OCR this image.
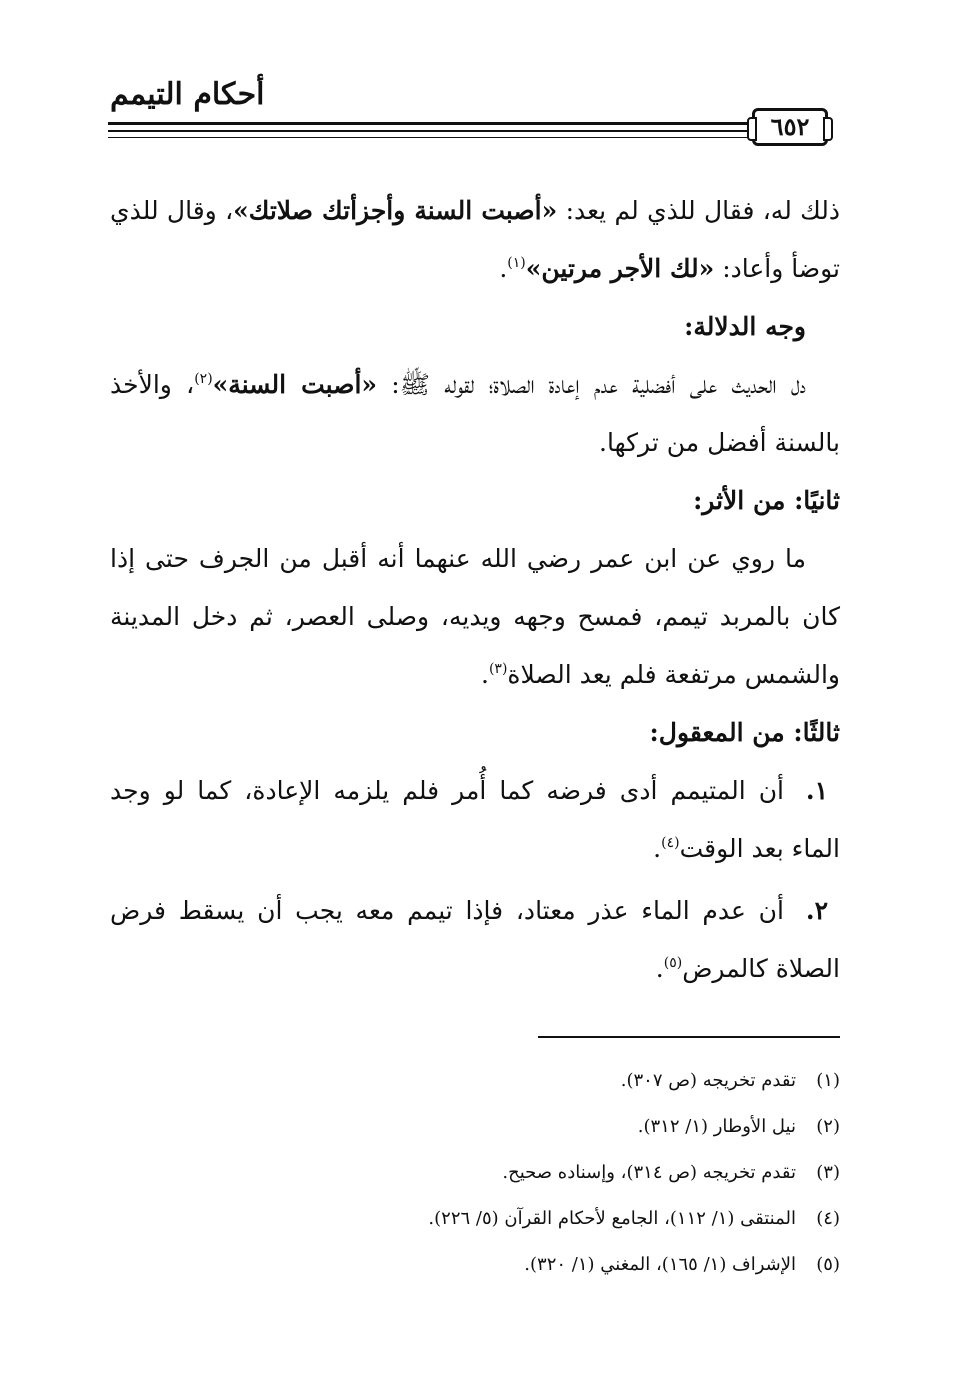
أحكام التيمم
٦٥٢

ذلك له، فقال للذي لم يعد: «أصبت السنة وأجزأتك صلاتك»، وقال للذي توضأ وأعاد: «لك الأجر مرتين»$^{(١)}$.

وجه الدلالة:

دل الحديث على أفضلية عدم إعادة الصلاة؛ لقوله ﷺ: «أصبت السنة»$^{(٢)}$، والأخذ بالسنة أفضل من تركها.

ثانيًا: من الأثر:

ما روي عن ابن عمر رضي الله عنهما أنه أقبل من الجرف حتى إذا كان بالمربد تيمم، فمسح وجهه ويديه، وصلى العصر، ثم دخل المدينة والشمس مرتفعة فلم يعد الصلاة$^{(٣)}$.

ثالثًا: من المعقول:

١.أن المتيمم أدى فرضه كما أُمر فلم يلزمه الإعادة، كما لو وجد الماء بعد الوقت$^{(٤)}$.

٢.أن عدم الماء عذر معتاد، فإذا تيمم معه يجب أن يسقط فرض الصلاة كالمرض$^{(٥)}$.

(١)تقدم تخريجه (ص ٣٠٧).

(٢)نيل الأوطار (١/ ٣١٢).

(٣)تقدم تخريجه (ص ٣١٤)، وإسناده صحيح.

(٤)المنتقى (١/ ١١٢)، الجامع لأحكام القرآن (٥/ ٢٢٦).

(٥)الإشراف (١/ ١٦٥)، المغني (١/ ٣٢٠).
